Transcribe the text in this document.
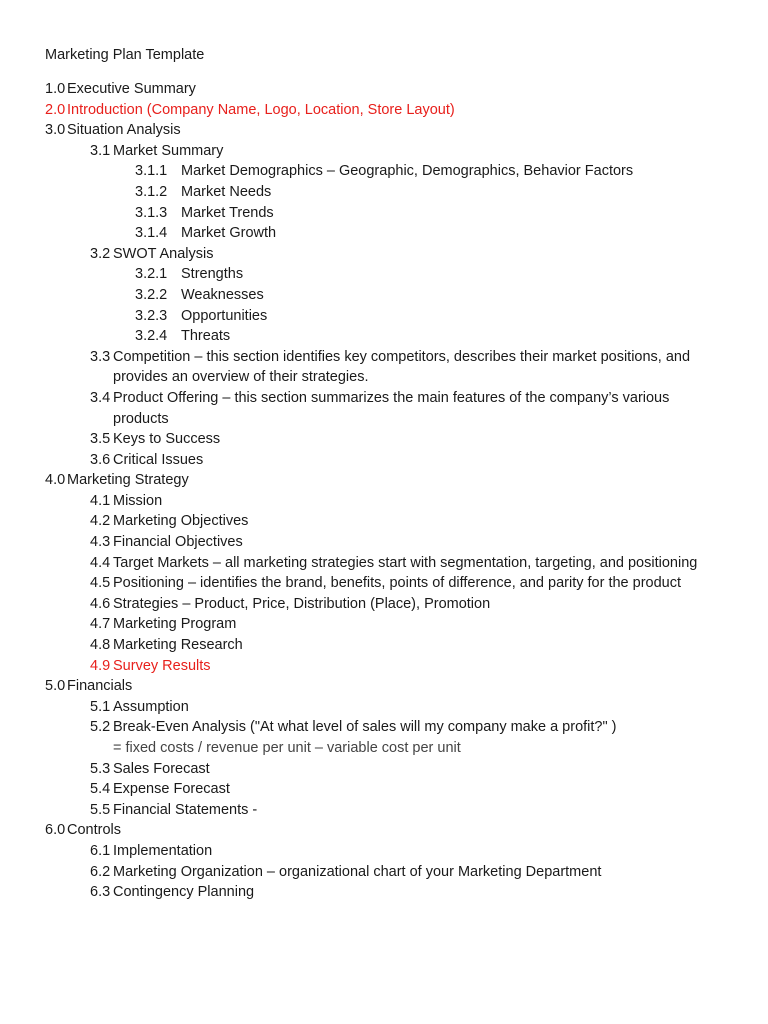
Marketing Plan Template
1.0 Executive Summary
2.0 Introduction (Company Name, Logo, Location, Store Layout)
3.0 Situation Analysis
3.1 Market Summary
3.1.1 Market Demographics – Geographic, Demographics, Behavior Factors
3.1.2 Market Needs
3.1.3 Market Trends
3.1.4 Market Growth
3.2 SWOT Analysis
3.2.1 Strengths
3.2.2 Weaknesses
3.2.3 Opportunities
3.2.4 Threats
3.3 Competition – this section identifies key competitors, describes their market positions, and
provides an overview of their strategies.
3.4 Product Offering – this section summarizes the main features of the company’s various
products
3.5 Keys to Success
3.6 Critical Issues
4.0 Marketing Strategy
4.1 Mission
4.2 Marketing Objectives
4.3 Financial Objectives
4.4 Target Markets – all marketing strategies start with segmentation, targeting, and positioning
4.5 Positioning – identifies the brand, benefits, points of difference, and parity for the product
4.6 Strategies – Product, Price, Distribution (Place), Promotion
4.7 Marketing Program
4.8 Marketing Research
4.9 Survey Results
5.0 Financials
5.1 Assumption
5.2 Break-Even Analysis ("At what level of sales will my company make a profit?" )
= fixed costs / revenue per unit – variable cost per unit
5.3 Sales Forecast
5.4 Expense Forecast
5.5 Financial Statements -
6.0 Controls
6.1 Implementation
6.2 Marketing Organization – organizational chart of your Marketing Department
6.3 Contingency Planning
